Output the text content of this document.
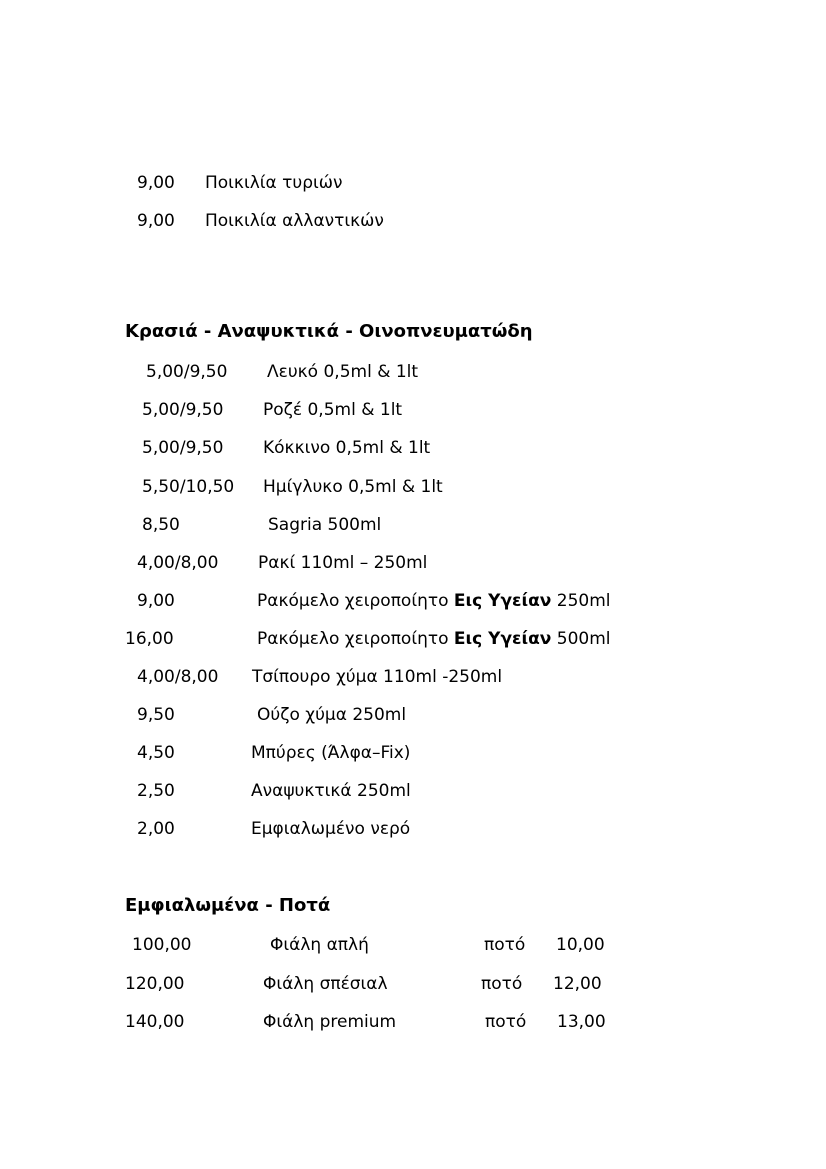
9,00 Ποικιλία τυριών
9,00 Ποικιλία αλλαντικών
Κρασιά - Αναψυκτικά - Οινοπνευματώδη
5,00/9,50 Λευκό 0,5ml & 1lt
5,00/9,50 Ροζέ 0,5ml & 1lt
5,00/9,50 Κόκκινο 0,5ml & 1lt
5,50/10,50 Ημίγλυκο 0,5ml & 1lt
8,50	Sagria 500ml
4,00/8,00 Ρακί 110ml – 250ml
9,00	Ρακόμελο χειροποίητο Εις Υγείαν 250ml
16,00	Ρακόμελο χειροποίητο Εις Υγείαν 500ml
4,00/8,00 Τσίπουρο χύμα 110ml -250ml
9,50	Ούζο χύμα 250ml
4,50	Μπύρες (Άλφα–Fix)
2,50	Αναψυκτικά 250ml
2,00	Εμφιαλωμένο νερό
Εμφιαλωμένα - Ποτά
100,00	Φιάλη απλή	ποτό 10,00
120,00	Φιάλη σπέσιαλ	ποτό 12,00
140,00	Φιάλη premium	ποτό 13,00
